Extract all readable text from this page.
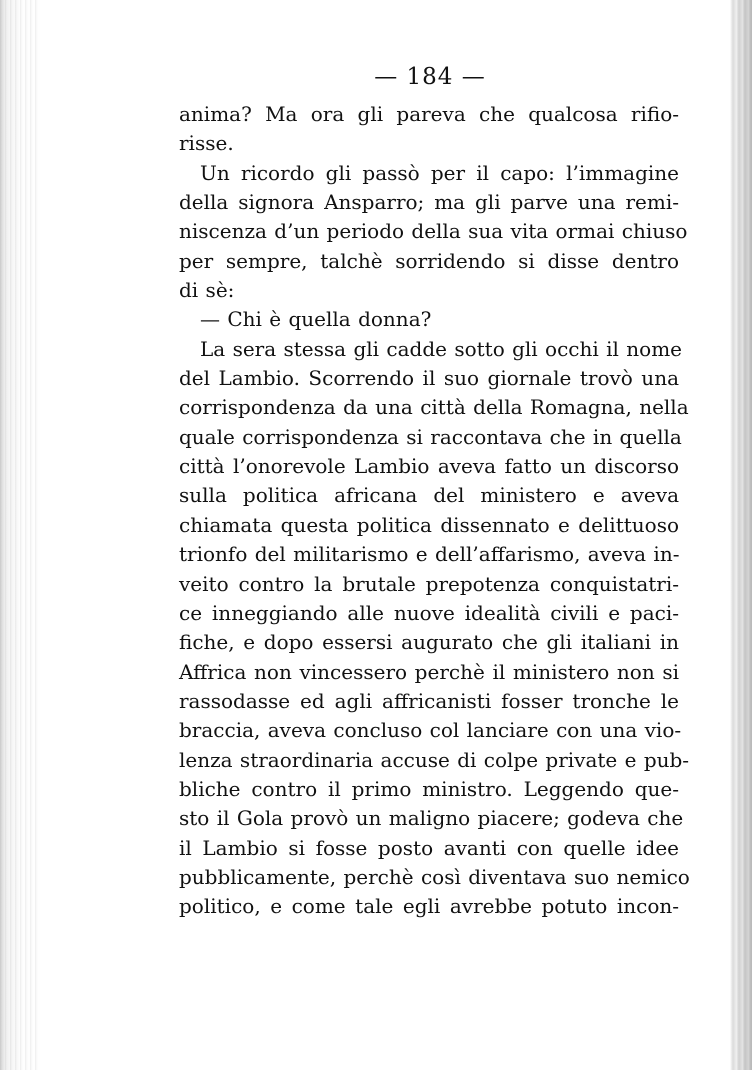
— 184 —
anima? Ma ora gli pareva che qualcosa rifio-
risse.
Un ricordo gli passò per il capo: l’immagine
della signora Ansparro; ma gli parve una remi-
niscenza d’un periodo della sua vita ormai chiuso
per sempre, talchè sorridendo si disse dentro
di sè:
— Chi è quella donna?
La sera stessa gli cadde sotto gli occhi il nome
del Lambio. Scorrendo il suo giornale trovò una
corrispondenza da una città della Romagna, nella
quale corrispondenza si raccontava che in quella
città l’onorevole Lambio aveva fatto un discorso
sulla politica africana del ministero e aveva
chiamata questa politica dissennato e delittuoso
trionfo del militarismo e dell’affarismo, aveva in-
veito contro la brutale prepotenza conquistatri-
ce inneggiando alle nuove idealità civili e paci-
fiche, e dopo essersi augurato che gli italiani in
Affrica non vincessero perchè il ministero non si
rassodasse ed agli affricanisti fosser tronche le
braccia, aveva concluso col lanciare con una vio-
lenza straordinaria accuse di colpe private e pub-
bliche contro il primo ministro. Leggendo que-
sto il Gola provò un maligno piacere; godeva che
il Lambio si fosse posto avanti con quelle idee
pubblicamente, perchè così diventava suo nemico
politico, e come tale egli avrebbe potuto incon-
